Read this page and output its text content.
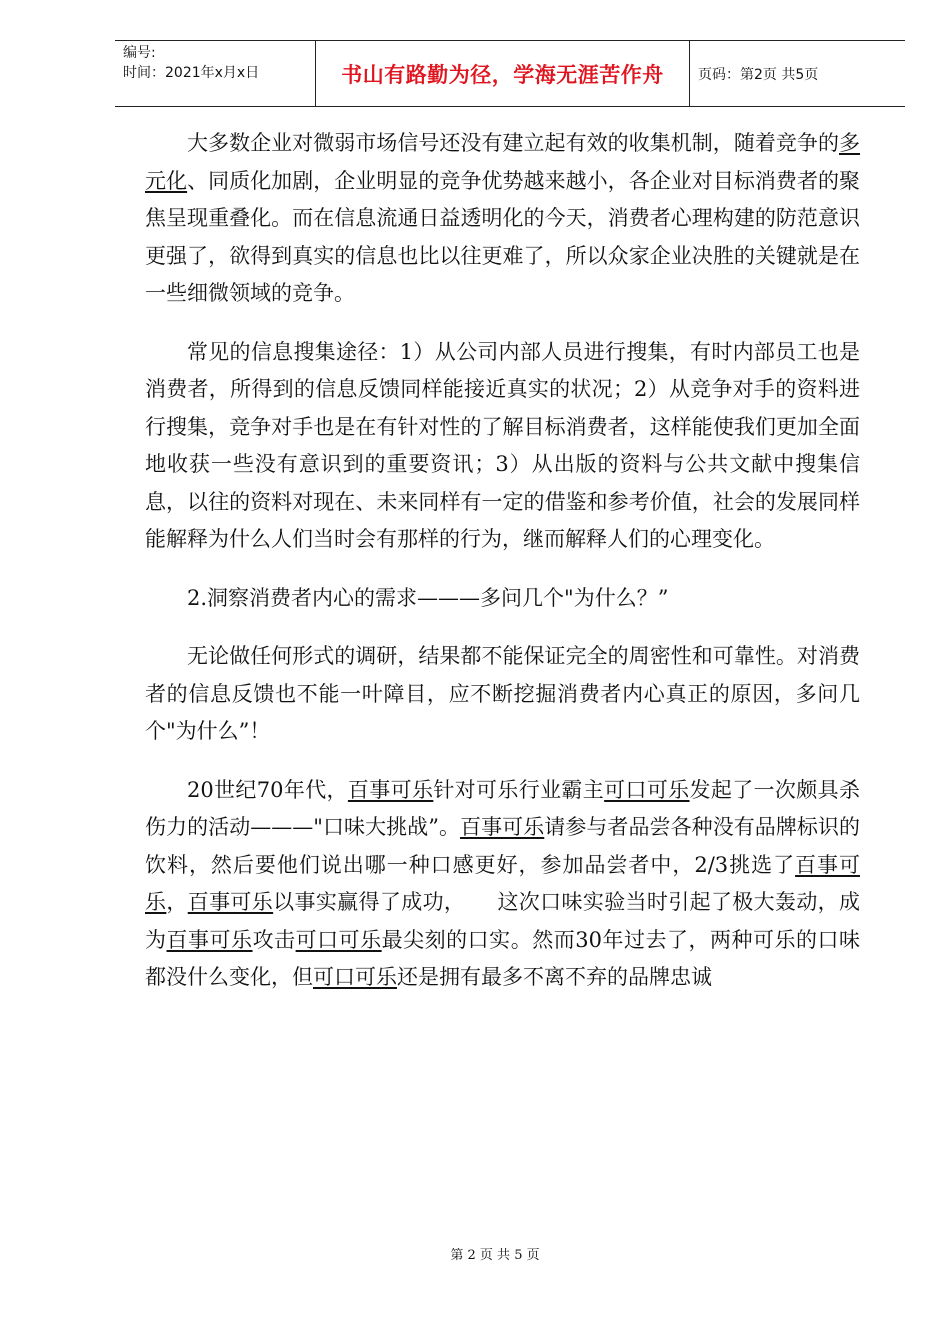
编号:
时间：2021年x月x日	书山有路勤为径，学海无涯苦作舟 页码：第2页 共5页

大多数企业对微弱市场信号还没有建立起有效的收集机制，随着竞争的多元化、同质化加剧，企业明显的竞争优势越来越小，各企业对目标消费者的聚焦呈现重叠化。而在信息流通日益透明化的今天，消费者心理构建的防范意识更强了，欲得到真实的信息也比以往更难了，所以众家企业决胜的关键就是在一些细微领域的竞争。

常见的信息搜集途径：1）从公司内部人员进行搜集，有时内部员工也是消费者，所得到的信息反馈同样能接近真实的状况；2）从竞争对手的资料进行搜集，竞争对手也是在有针对性的了解目标消费者，这样能使我们更加全面地收获一些没有意识到的重要资讯；3）从出版的资料与公共文献中搜集信息，以往的资料对现在、未来同样有一定的借鉴和参考价值，社会的发展同样能解释为什么人们当时会有那样的行为，继而解释人们的心理变化。

2.洞察消费者内心的需求———多问几个"为什么？”

无论做任何形式的调研，结果都不能保证完全的周密性和可靠性。对消费者的信息反馈也不能一叶障目，应不断挖掘消费者内心真正的原因，多问几个"为什么”！

20世纪70年代，百事可乐针对可乐行业霸主可口可乐发起了一次颇具杀伤力的活动———"口味大挑战”。百事可乐请参与者品尝各种没有品牌标识的饮料，然后要他们说出哪一种口感更好，参加品尝者中，2/3挑选了百事可乐，百事可乐以事实赢得了成功，　　这次口味实验当时引起了极大轰动，成为百事可乐攻击可口可乐最尖刻的口实。然而30年过去了，两种可乐的口味都没什么变化，但可口可乐还是拥有最多不离不弃的品牌忠诚

第 2 页 共 5 页
